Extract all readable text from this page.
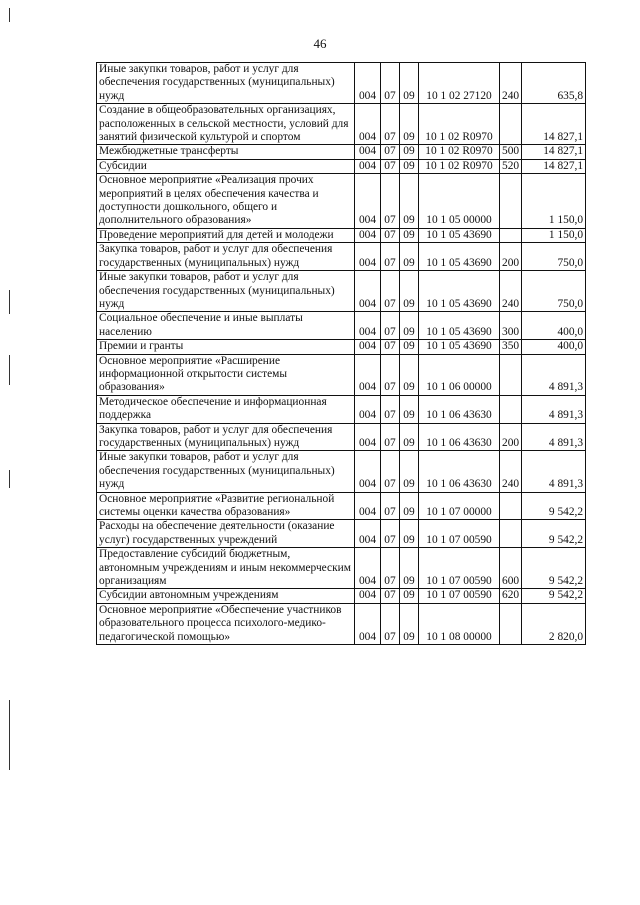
46
Иные закупки товаров, работ и услуг для обеспечения государственных (муниципальных) нужд	004	07	09	10 1 02 27120	240	635,8
Создание в общеобразовательных организациях, расположенных в сельской местности, условий для занятий физической культурой и спортом	004	07	09	10 1 02 R0970		14 827,1
Межбюджетные трансферты	004	07	09	10 1 02 R0970	500	14 827,1
Субсидии	004	07	09	10 1 02 R0970	520	14 827,1
Основное мероприятие «Реализация прочих мероприятий в целях обеспечения качества и доступности дошкольного, общего и дополнительного образования»	004	07	09	10 1 05 00000		1 150,0
Проведение мероприятий для детей и молодежи	004	07	09	10 1 05 43690		1 150,0
Закупка товаров, работ и услуг для обеспечения государственных (муниципальных) нужд	004	07	09	10 1 05 43690	200	750,0
Иные закупки товаров, работ и услуг для обеспечения государственных (муниципальных) нужд	004	07	09	10 1 05 43690	240	750,0
Социальное обеспечение и иные выплаты населению	004	07	09	10 1 05 43690	300	400,0
Премии и гранты	004	07	09	10 1 05 43690	350	400,0
Основное мероприятие «Расширение информационной открытости системы образования»	004	07	09	10 1 06 00000		4 891,3
Методическое обеспечение и информационная поддержка	004	07	09	10 1 06 43630		4 891,3
Закупка товаров, работ и услуг для обеспечения государственных (муниципальных) нужд	004	07	09	10 1 06 43630	200	4 891,3
Иные закупки товаров, работ и услуг для обеспечения государственных (муниципальных) нужд	004	07	09	10 1 06 43630	240	4 891,3
Основное мероприятие «Развитие региональной системы оценки качества образования»	004	07	09	10 1 07 00000		9 542,2
Расходы на обеспечение деятельности (оказание услуг) государственных учреждений	004	07	09	10 1 07 00590		9 542,2
Предоставление субсидий бюджетным, автономным учреждениям и иным некоммерческим организациям	004	07	09	10 1 07 00590	600	9 542,2
Субсидии автономным учреждениям	004	07	09	10 1 07 00590	620	9 542,2
Основное мероприятие «Обеспечение участников образовательного процесса психолого-медико-педагогической помощью»	004	07	09	10 1 08 00000		2 820,0
